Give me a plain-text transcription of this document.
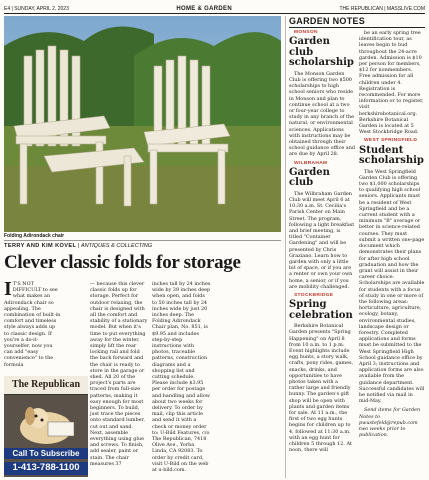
E4 | SUNDAY, APRIL 2, 2023	HOME & GARDEN	THE REPUBLICAN | MASSLIVE.COM
Folding Adirondack chair
TERRY AND KIM KOVEL | ANTIQUES & COLLECTING
Clever classic folds for storage
I T'S NOT DIFFICULT to see what makes an Adirondack chair so appealing. The combination of built-in comfort and timeless style always adds up to classic design. If you're a do-it-yourselfer, now you can add "easy convenience" to the formula
— because this clever classic folds up for storage. Perfect for outdoor relaxing, the chair is designed with all the comfort and stability of a stationary model. But when it's time to put everything away for the winter, simply lift the rear locking rail and fold the back forward and the chair is ready to store in the garage or shed. All 20 of the project's parts are traced from full-size patterns, making it easy enough for most beginners. To build, just trace the pieces onto standard lumber, cut out and sand. Next, assemble everything using glue and screws. To finish, add sealer, paint or stain. The chair measures 37
inches tall by 24 inches wide by 39 inches deep when open, and folds to 50 inches tall by 24 inches wide by just 20 inches deep. The Folding Adirondack Chair plan, No. 851, is $9.95 and includes step-by-step instructions with photos, traceable patterns, construction diagrams and a shopping list and cutting schedule. Please include $3.95 per order for postage and handling and allow about two weeks for delivery. To order by mail, clip this article and send it with a check or money order to: U-Bild Features, c/o The Republican, 7418 Olive Ave., Yorba Linda, CA 92083. To order by credit card, visit U-Bild on the web at u-bild.com.
The Republican
Call To Subscribe
1-413-788-1100
GARDEN NOTES

MONSON

Garden club scholarship

The Monson Garden Club is offering two $500 scholarships to high school seniors who reside in Monson and plan to continue school at a two or four-year college to study in any branch of the natural, or environmental sciences. Applications with instructions may be obtained through their school guidance office and are due by April 28.

WILBRAHAM

Garden club

The Wilbraham Garden Club will meet April 6 at 10:30 a.m. St. Cecilia's Parish Center on Main Street. The program, following a light breakfast and brief meeting, is titled "Container Gardening" and will be presented by Chris Graziano. Learn how to garden with only a little bit of space, or if you are a renter or own your own home, a senior, or if you are mobility challenged.

STOCKBRIDGE

Spring celebration

Berkshire Botanical Garden presents "Spring Happening" on April 8 from 10 a.m. to 1 p.m. Event highlights include egg hunts, a story walk, crafts, pony rides, games, snacks, drinks, and opportunities to have photos taken with a rather large and friendly bunny. The garden's gift shop will be open with plants and garden items for sale. At 11 a.m., the first of two egg hunts begins for children up to 4, followed at 11:30 a.m. with an egg hunt for children 5 through 12. At noon, there will

be an early spring tree identification tour, as leaves begin to bud throughout the 24-acre garden. Admission is $10 per person for members, $12 for nonmembers. Free admission for all children under 4. Registration is recommended. For more information or to register, visit berkshirebotanical.org. Berkshire Botanical Garden is located at 5 West Stockbridge Road.

WEST SPRINGFIELD

Student scholarship

The West Springfield Garden Club is offering two $1,000 scholarships to qualifying high school seniors. Applicants must be a resident of West Springfield and be a current student with a minimum "B" average or better in science-related courses. They must submit a written one-page document which demonstrates their plans for after high school graduation and how the grant will assist in their career choice. Scholarships are available for students with a focus of study in one or more of the following areas: horticulture, agriculture, ecology, botany, environmental studies, landscape design or forestry. Completed applications and forms must be submitted to the West Springfield High School guidance office by April 3; instructions and application forms are also available from the guidance department. Successful candidates will be notified via mail in mid-May.

Send items for Garden Notes to pwustefeld@repub.com two weeks prior to publication.
